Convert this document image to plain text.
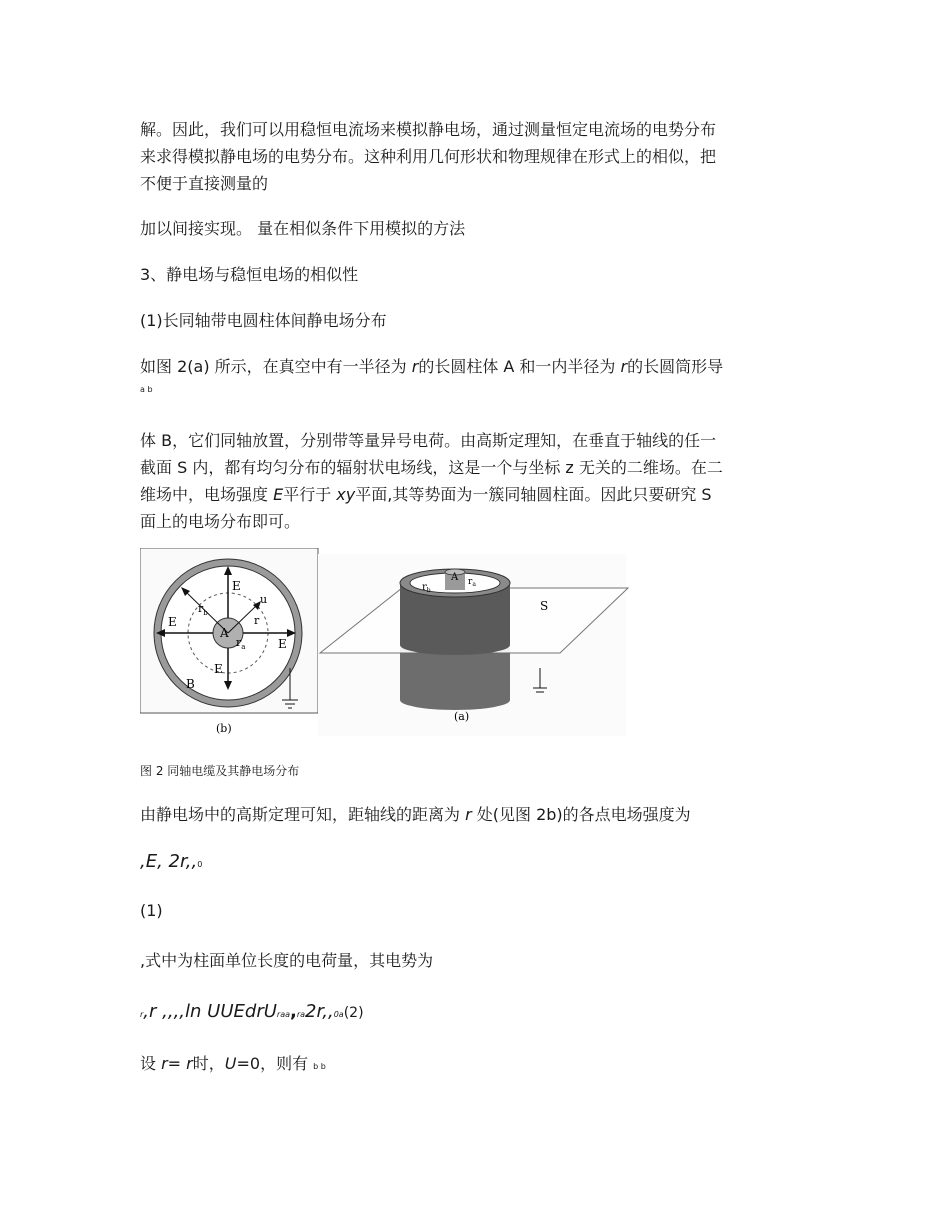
解。因此，我们可以用稳恒电流场来模拟静电场，通过测量恒定电流场的电势分布

来求得模拟静电场的电势分布。这种利用几何形状和物理规律在形式上的相似，把

不便于直接测量的

加以间接实现。 量在相似条件下用模拟的方法

3、静电场与稳恒电场的相似性

(1)长同轴带电圆柱体间静电场分布

如图 2(a) 所示，在真空中有一半径为 r的长圆柱体 A 和一内半径为 r的长圆筒形导

a b

体 B，它们同轴放置，分别带等量异号电荷。由高斯定理知，在垂直于轴线的任一

截面 S 内，都有均匀分布的辐射状电场线，这是一个与坐标 z 无关的二维场。在二

维场中，电场强度 E平行于 xy平面,其等势面为一簇同轴圆柱面。因此只要研究 S

面上的电场分布即可。

E
E
E
E
$r_b$
u
r
$r_a$
A
B
(b)
$r_b$
A $r_a$
S
(a)
图 2 同轴电缆及其静电场分布

由静电场中的高斯定理可知，距轴线的距离为 r 处(见图 2b)的各点电场强度为

,E, 2r,,0

(1)

,式中为柱面单位长度的电荷量，其电势为

r,r ,,,,ln UUEdrUraa,ra2r,,0a(2)

设 r= r时，U=0，则有 b b
